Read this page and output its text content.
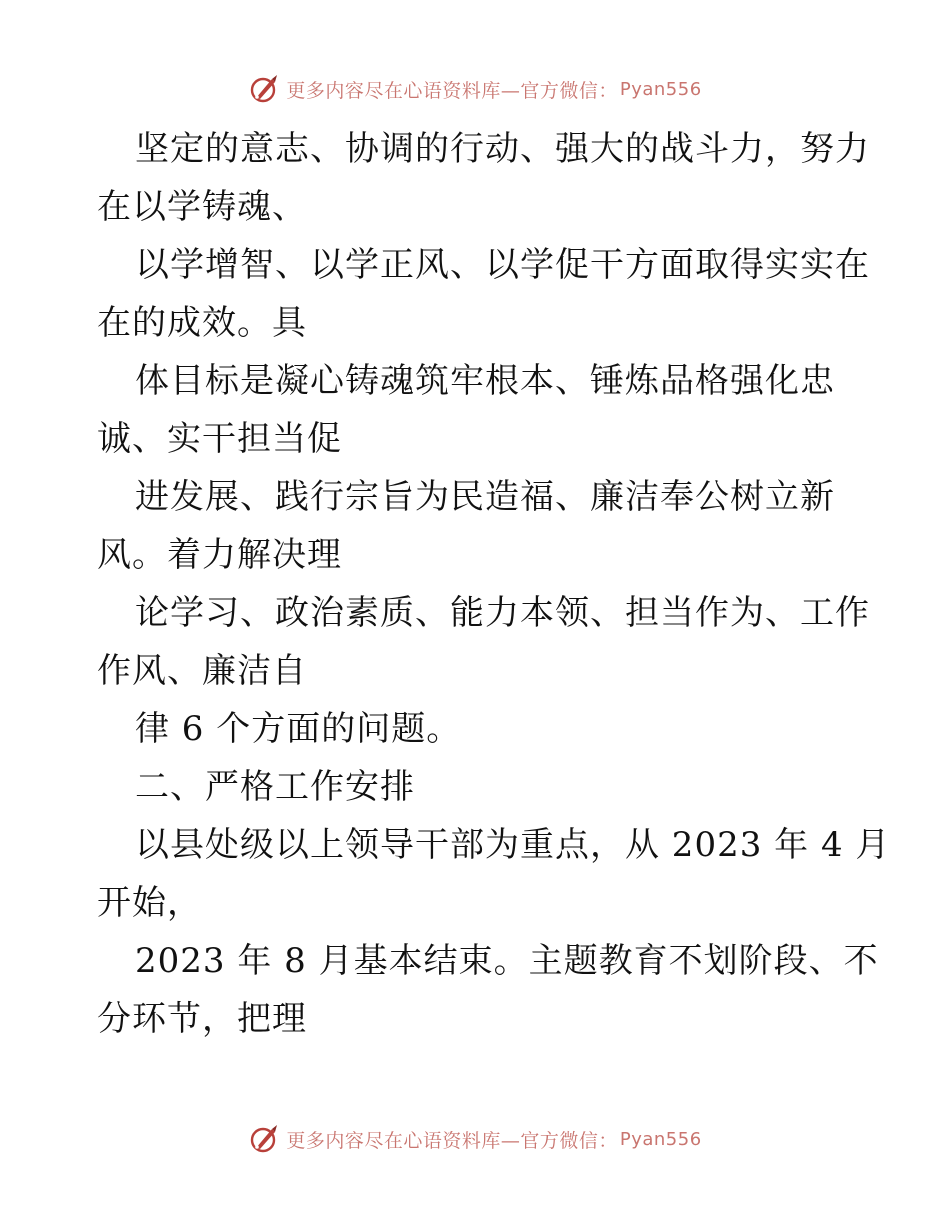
更多内容尽在心语资料库—官方微信： Pyan556
坚定的意志、协调的行动、强大的战斗力，努力
在以学铸魂、
以学增智、以学正风、以学促干方面取得实实在
在的成效。具
体目标是凝心铸魂筑牢根本、锤炼品格强化忠
诚、实干担当促
进发展、践行宗旨为民造福、廉洁奉公树立新
风。着力解决理
论学习、政治素质、能力本领、担当作为、工作
作风、廉洁自
律 6 个方面的问题。
二、严格工作安排
以县处级以上领导干部为重点，从 2023 年 4 月
开始，
2023 年 8 月基本结束。主题教育不划阶段、不
分环节，把理
更多内容尽在心语资料库—官方微信： Pyan556
